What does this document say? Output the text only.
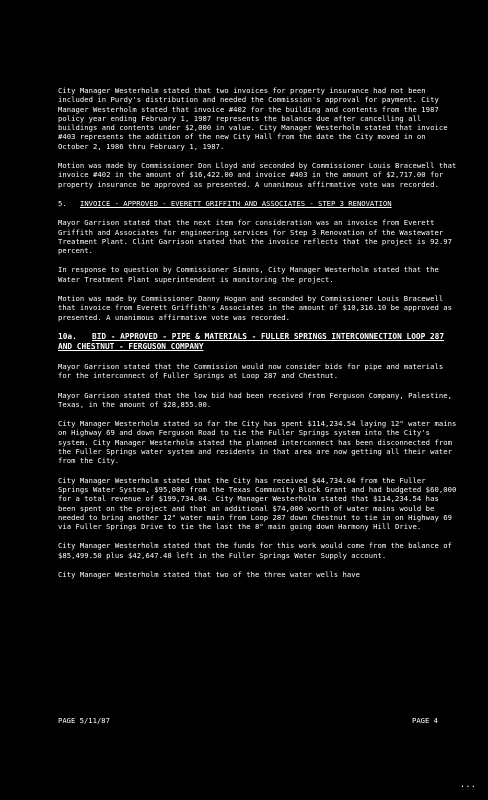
City Manager Westerholm stated that two invoices for property insurance had not been included in Purdy's distribution and needed the Commission's approval for payment. City Manager Westerholm stated that invoice #402 for the building and contents from the 1987 policy year ending February 1, 1987 represents the balance due after cancelling all buildings and contents under $2,000 in value. City Manager Westerholm stated that invoice #403 represents the addition of the new City Hall from the date the City moved in on October 2, 1986 thru February 1, 1987.

Motion was made by Commissioner Don Lloyd and seconded by Commissioner Louis Bracewell that invoice #402 in the amount of $16,422.00 and invoice #403 in the amount of $2,717.00 for property insurance be approved as presented. A unanimous affirmative vote was recorded.

5. INVOICE - APPROVED - EVERETT GRIFFITH AND ASSOCIATES - STEP 3 RENOVATION

Mayor Garrison stated that the next item for consideration was an invoice from Everett Griffith and Associates for engineering services for Step 3 Renovation of the Wastewater Treatment Plant. Clint Garrison stated that the invoice reflects that the project is 92.97 percent.

In response to question by Commissioner Simons, City Manager Westerholm stated that the Water Treatment Plant superintendent is monitoring the project.

Motion was made by Commissioner Danny Hogan and seconded by Commissioner Louis Bracewell that invoice from Everett Griffith's Associates in the amount of $10,316.10 be approved as presented. A unanimous affirmative vote was recorded.

10a. BID - APPROVED - PIPE & MATERIALS - FULLER SPRINGS INTERCONNECTION LOOP 287 AND CHESTNUT - FERGUSON COMPANY

Mayor Garrison stated that the Commission would now consider bids for pipe and materials for the interconnect of Fuller Springs at Loop 287 and Chestnut.

Mayor Garrison stated that the low bid had been received from Ferguson Company, Palestine, Texas, in the amount of $28,855.00.

City Manager Westerholm stated so far the City has spent $114,234.54 laying 12" water mains on Highway 69 and down Ferguson Road to tie the Fuller Springs system into the City's system. City Manager Westerholm stated the planned interconnect has been disconnected from the Fuller Springs water system and residents in that area are now getting all their water from the City.

City Manager Westerholm stated that the City has received $44,734.04 from the Fuller Springs Water System, $95,000 from the Texas Community Block Grant and had budgeted $60,000 for a total revenue of $199,734.04. City Manager Westerholm stated that $114,234.54 has been spent on the project and that an additional $74,000 worth of water mains would be needed to bring another 12" water main from Loop 287 down Chestnut to tie in on Highway 69 via Fuller Springs Drive to tie the last the 8" main going down Harmony Hill Drive.

City Manager Westerholm stated that the funds for this work would come from the balance of $85,499.50 plus $42,647.48 left in the Fuller Springs Water Supply account.

City Manager Westerholm stated that two of the three water wells have

PAGE 5/11/87	PAGE 4
...
